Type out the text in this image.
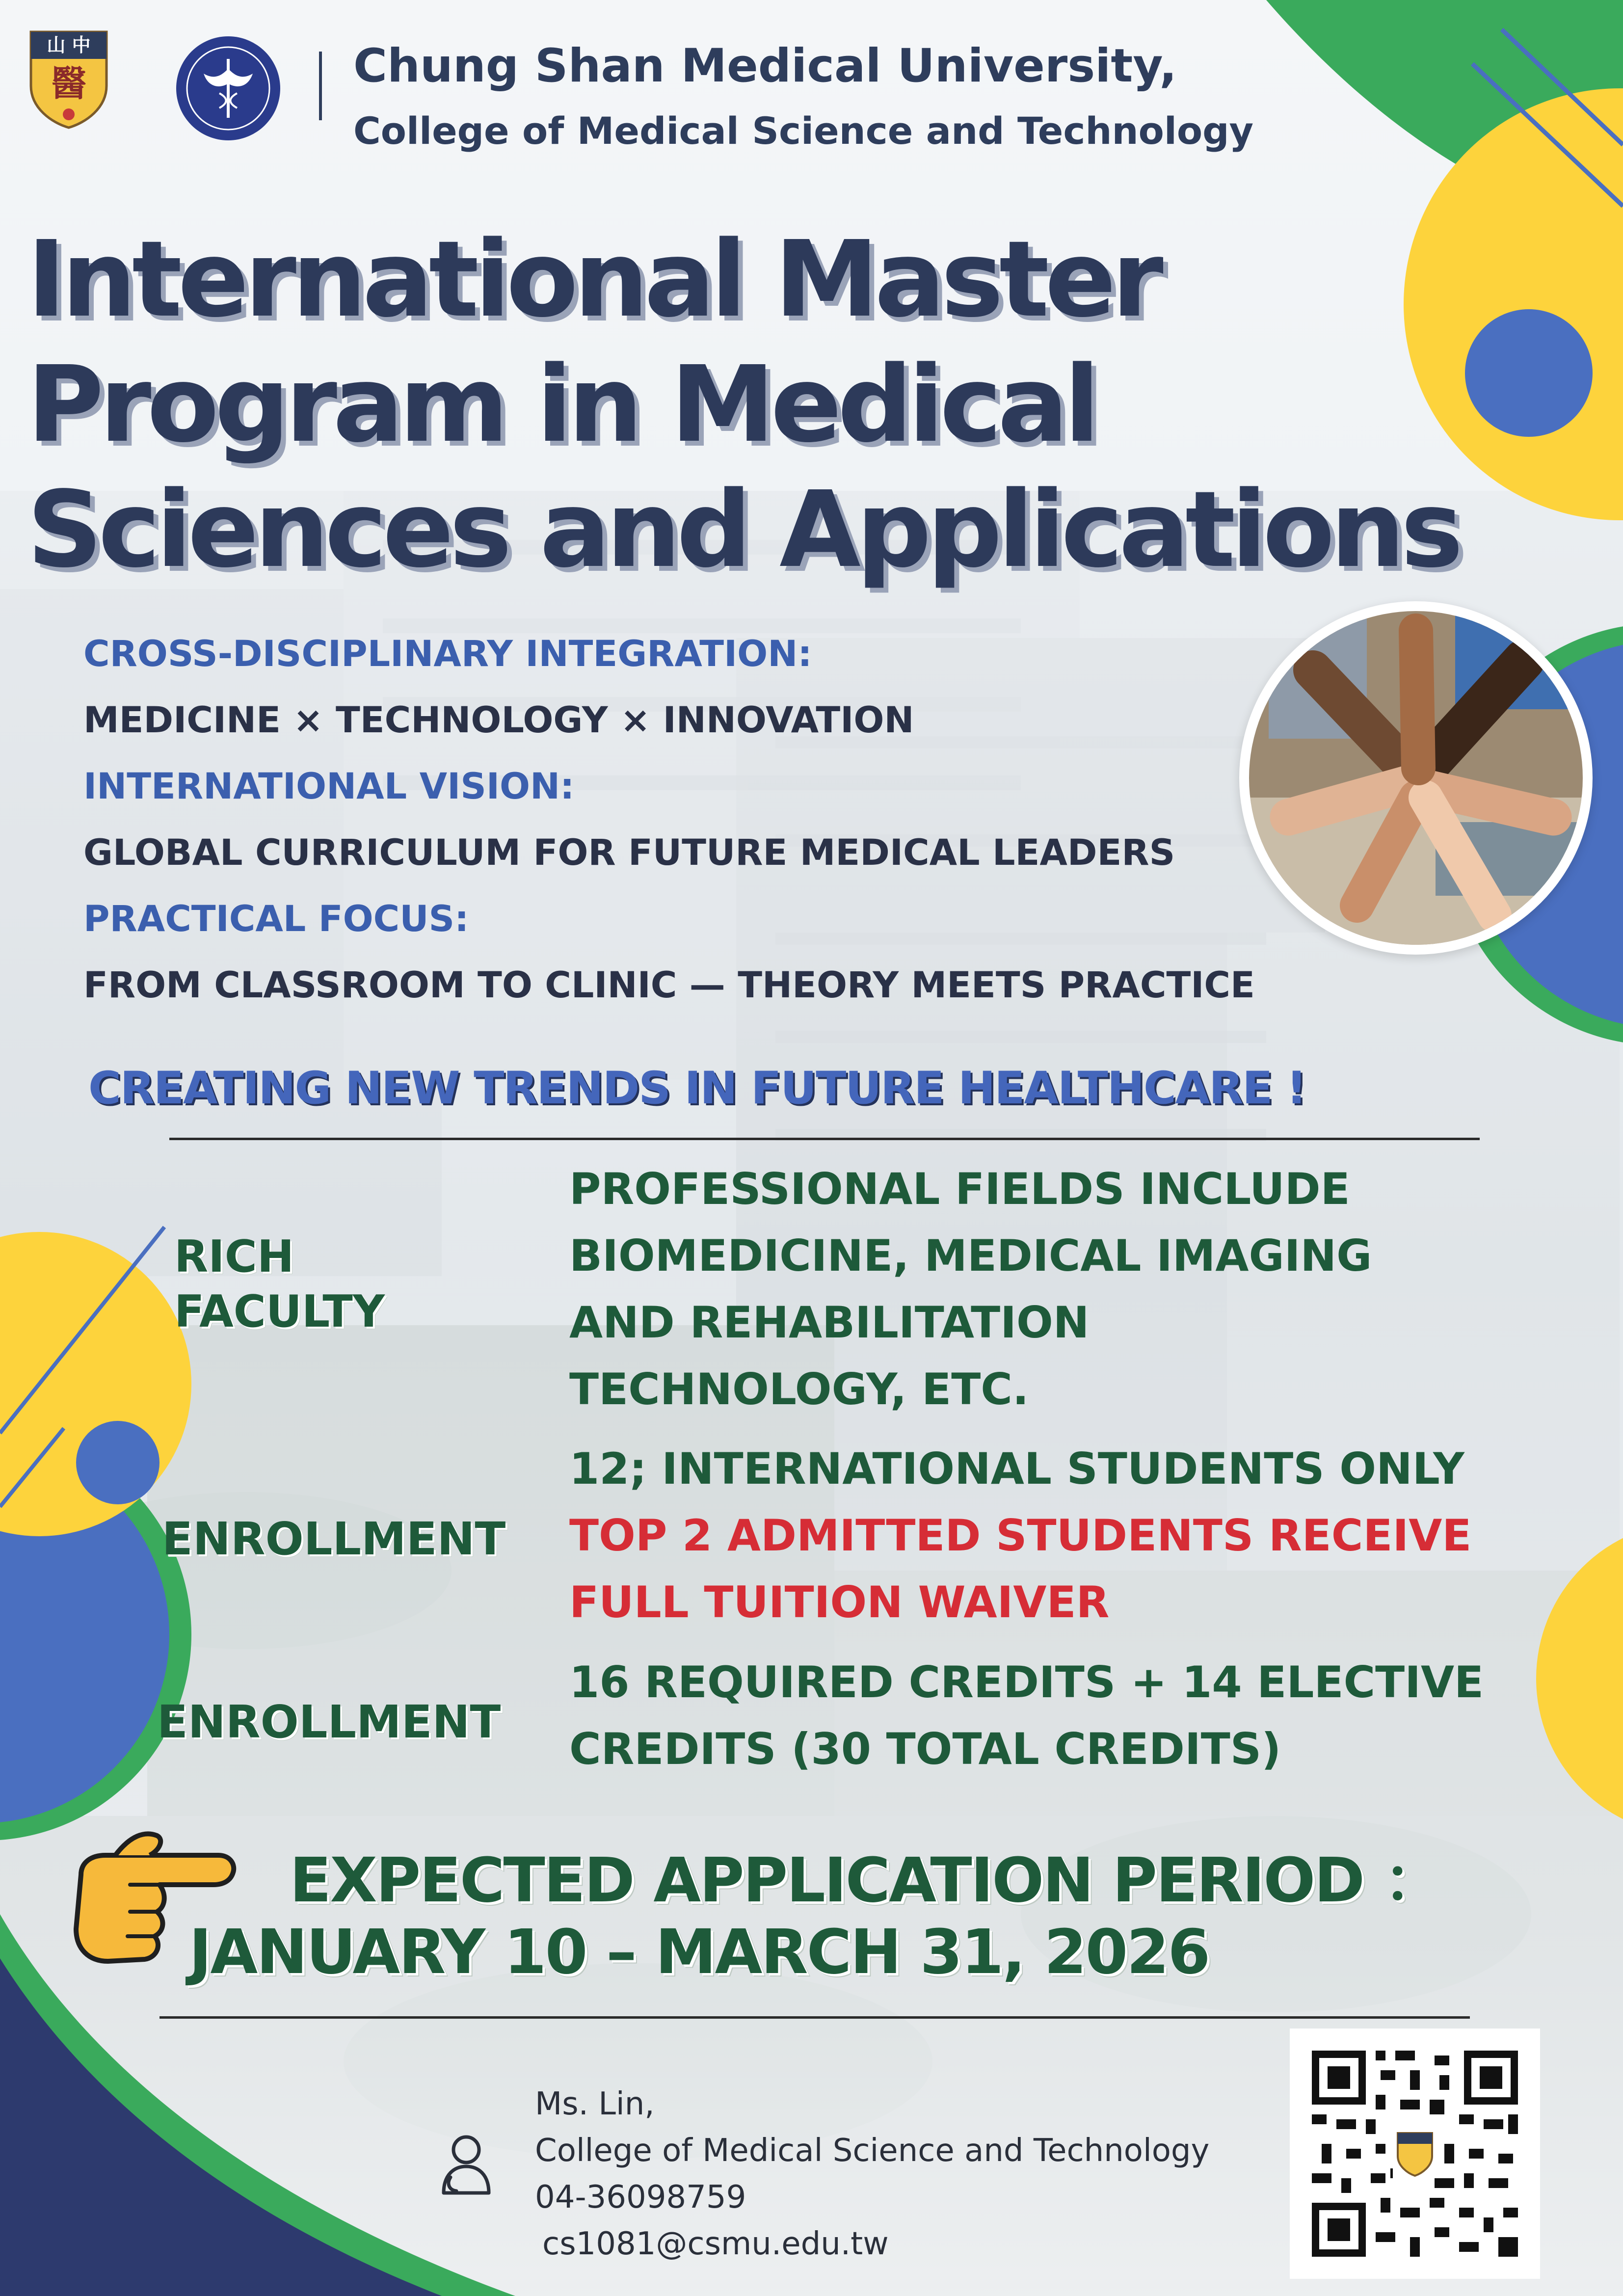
山 中
醫	Chung Shan Medical University,
College of Medical Science and Technology
International Master
Program in Medical
Sciences and Applications
CROSS-DISCIPLINARY INTEGRATION:
MEDICINE × TECHNOLOGY × INNOVATION
INTERNATIONAL VISION:
GLOBAL CURRICULUM FOR FUTURE MEDICAL LEADERS
PRACTICAL FOCUS:
FROM CLASSROOM TO CLINIC — THEORY MEETS PRACTICE
CREATING NEW TRENDS IN FUTURE HEALTHCARE !
RICH
FACULTY
PROFESSIONAL FIELDS INCLUDE
BIOMEDICINE, MEDICAL IMAGING
AND REHABILITATION
TECHNOLOGY, ETC.
ENROLLMENT
12; INTERNATIONAL STUDENTS ONLY
TOP 2 ADMITTED STUDENTS RECEIVE
FULL TUITION WAIVER
ENROLLMENT
16 REQUIRED CREDITS + 14 ELECTIVE
CREDITS (30 TOTAL CREDITS)
EXPECTED APPLICATION PERIOD ：
JANUARY 10 – MARCH 31, 2026
Ms. Lin,
College of Medical Science and Technology
04-36098759
cs1081@csmu.edu.tw
